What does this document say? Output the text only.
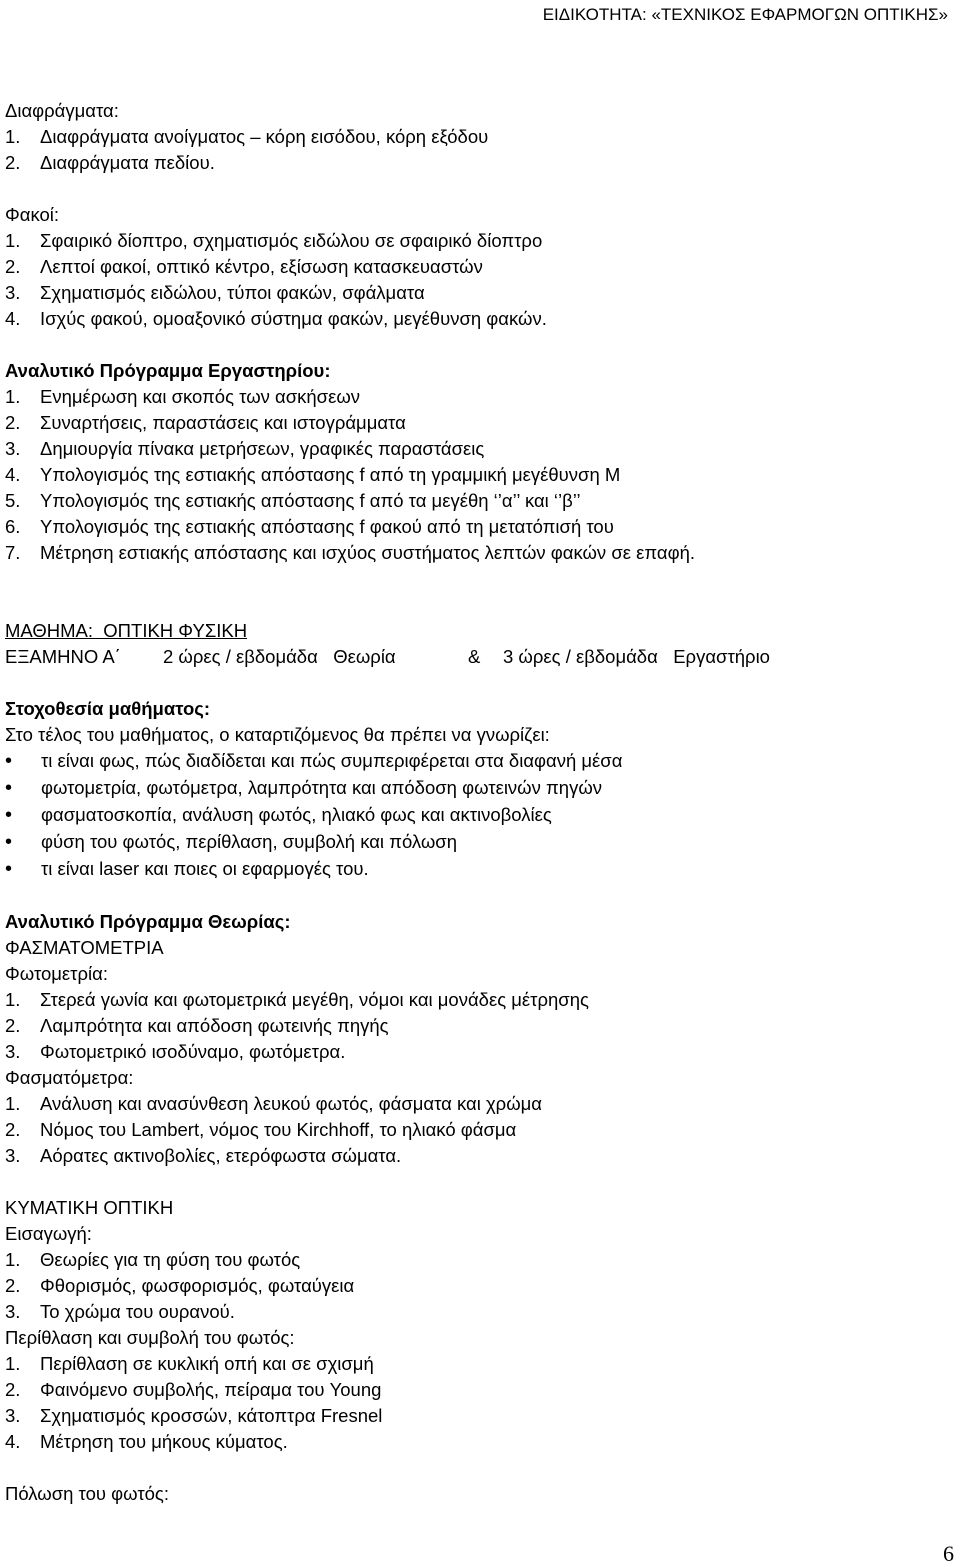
ΕΙΔΙΚΟΤΗΤΑ: «ΤΕΧΝΙΚΟΣ ΕΦΑΡΜΟΓΩΝ ΟΠΤΙΚΗΣ»
Διαφράγματα:
1. Διαφράγματα ανοίγματος – κόρη εισόδου, κόρη εξόδου
2. Διαφράγματα πεδίου.
Φακοί:
1. Σφαιρικό δίοπτρο, σχηματισμός ειδώλου σε σφαιρικό δίοπτρο
2. Λεπτοί φακοί, οπτικό κέντρο, εξίσωση κατασκευαστών
3. Σχηματισμός ειδώλου, τύποι φακών, σφάλματα
4. Ισχύς φακού, ομοαξονικό σύστημα φακών, μεγέθυνση φακών.
Αναλυτικό Πρόγραμμα Εργαστηρίου:
1. Ενημέρωση και σκοπός των ασκήσεων
2. Συναρτήσεις, παραστάσεις και ιστογράμματα
3. Δημιουργία πίνακα μετρήσεων, γραφικές παραστάσεις
4. Υπολογισμός της εστιακής απόστασης f από τη γραμμική μεγέθυνση Μ
5. Υπολογισμός της εστιακής απόστασης f από τα μεγέθη ‘’α’’ και ‘’β’’
6. Υπολογισμός της εστιακής απόστασης f φακού από τη μετατόπισή του
7. Μέτρηση εστιακής απόστασης και ισχύος συστήματος λεπτών φακών σε επαφή.
ΜΑΘΗΜΑ:  ΟΠΤΙΚΗ ΦΥΣΙΚΗ
ΕΞΑΜΗΝΟ Α΄	2 ώρες / εβδομάδα   Θεωρία	&	3 ώρες / εβδομάδα   Εργαστήριο
Στοχοθεσία μαθήματος:
Στο τέλος του μαθήματος, ο καταρτιζόμενος θα πρέπει να γνωρίζει:
• τι είναι φως, πώς διαδίδεται και πώς συμπεριφέρεται στα διαφανή μέσα
• φωτομετρία, φωτόμετρα, λαμπρότητα και απόδοση φωτεινών πηγών
• φασματοσκοπία, ανάλυση φωτός, ηλιακό φως και ακτινοβολίες
• φύση του φωτός, περίθλαση, συμβολή και πόλωση
• τι είναι laser και ποιες οι εφαρμογές του.
Αναλυτικό Πρόγραμμα Θεωρίας:
ΦΑΣΜΑΤΟΜΕΤΡΙΑ
Φωτομετρία:
1. Στερεά γωνία και φωτομετρικά μεγέθη, νόμοι και μονάδες μέτρησης
2. Λαμπρότητα και απόδοση φωτεινής πηγής
3. Φωτομετρικό ισοδύναμο, φωτόμετρα.
Φασματόμετρα:
1. Ανάλυση και ανασύνθεση λευκού φωτός, φάσματα και χρώμα
2. Νόμος του Lambert, νόμος του Kirchhoff, το ηλιακό φάσμα
3. Αόρατες ακτινοβολίες, ετερόφωστα σώματα.
ΚΥΜΑΤΙΚΗ ΟΠΤΙΚΗ
Εισαγωγή:
1. Θεωρίες για τη φύση του φωτός
2. Φθορισμός, φωσφορισμός, φωταύγεια
3. Το χρώμα του ουρανού.
Περίθλαση και συμβολή του φωτός:
1. Περίθλαση σε κυκλική οπή και σε σχισμή
2. Φαινόμενο συμβολής, πείραμα του Young
3. Σχηματισμός κροσσών, κάτοπτρα Fresnel
4. Μέτρηση του μήκους κύματος.
Πόλωση του φωτός:
6
